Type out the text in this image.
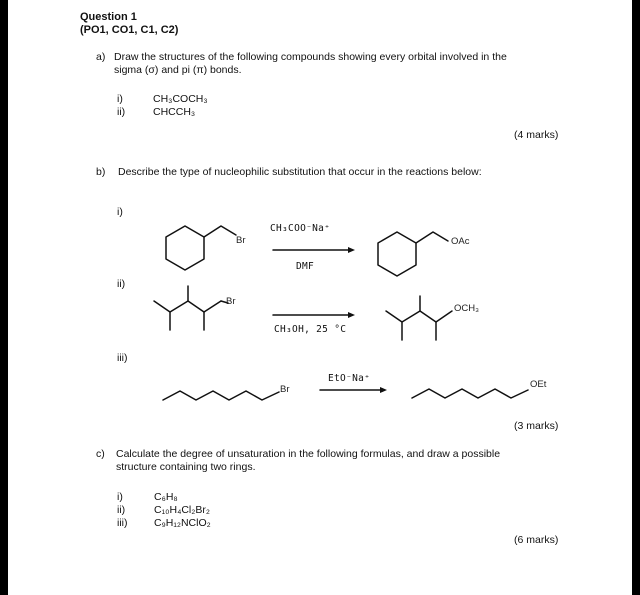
Question 1
(PO1, CO1, C1, C2)
a) Draw the structures of the following compounds showing every orbital involved in the
sigma (σ) and pi (π) bonds.
i)	CH₃COCH₃
ii)	CHCCH₃
(4 marks)
b) Describe the type of nucleophilic substitution that occur in the reactions below:
i)
ii)
iii)
Br
CH₃COO⁻Na⁺
DMF
OAc
Br
CH₃OH, 25 °C
OCH₃
Br
EtO⁻Na⁺
OEt
(3 marks)
c) Calculate the degree of unsaturation in the following formulas, and draw a possible
structure containing two rings.
i)	C₆H₈
ii)	C₁₀H₄Cl₂Br₂
iii)	C₉H₁₂NClO₂
(6 marks)
